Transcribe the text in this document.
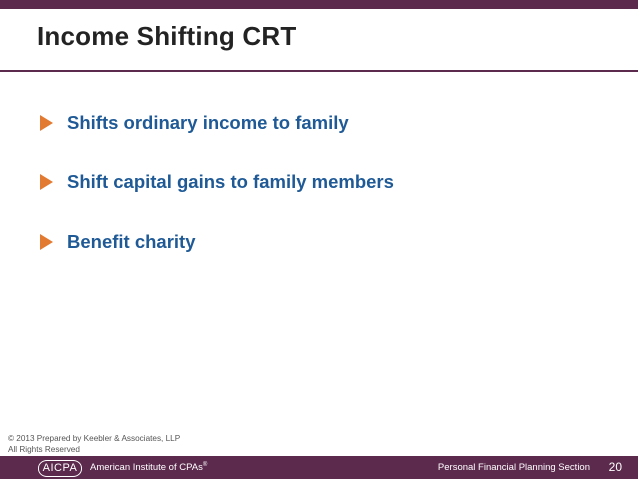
Income Shifting CRT
Shifts ordinary income to family
Shift capital gains to family members
Benefit charity
© 2013 Prepared by Keebler & Associates, LLP
All Rights Reserved
AICPA	American Institute of CPAs®	Personal Financial Planning Section 20
